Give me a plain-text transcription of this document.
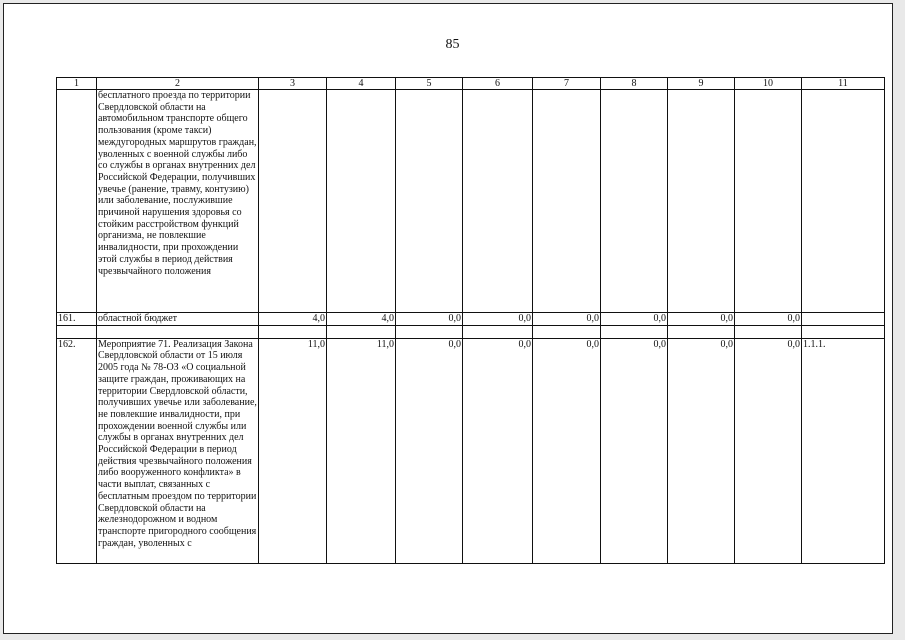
85
1	2	3	4	5	6	7	8	9	10	11
	бесплатного проезда по территории Свердловской области на автомобильном транспорте общего пользования (кроме такси) междугородных маршрутов граждан, уволенных с военной службы либо со службы в органах внутренних дел Российской Федерации, получивших увечье (ранение, травму, контузию) или заболевание, послужившие причиной нарушения здоровья со стойким расстройством функций организма, не повлекшие инвалидности, при прохождении этой службы в период действия чрезвычайного положения									
161.	областной бюджет	4,0	4,0	0,0	0,0	0,0	0,0	0,0	0,0	

162.	Мероприятие 71. Реализация Закона Свердловской области от 15 июля 2005 года № 78-ОЗ «О социальной защите граждан, проживающих на территории Свердловской области, получивших увечье или заболевание, не повлекшие инвалидности, при прохождении военной службы или службы в органах внутренних дел Российской Федерации в период действия чрезвычайного положения либо вооруженного конфликта» в части выплат, связанных с бесплатным проездом по территории Свердловской области на железнодорожном и водном транспорте пригородного сообщения граждан, уволенных с	11,0	11,0	0,0	0,0	0,0	0,0	0,0	0,0	1.1.1.
